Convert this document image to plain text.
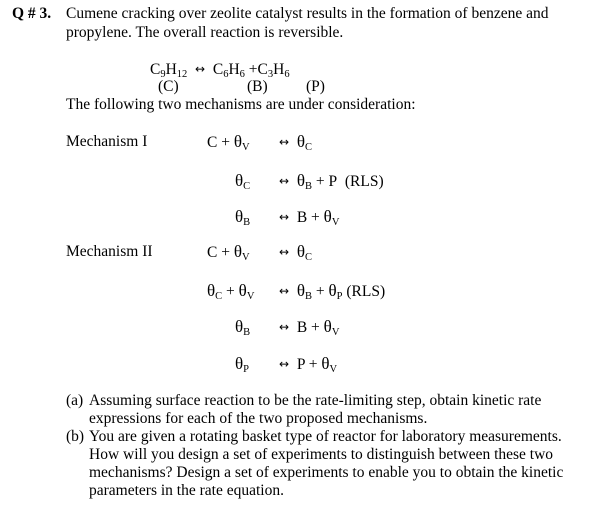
Q # 3. Cumene cracking over zeolite catalyst results in the formation of benzene and
propylene. The overall reaction is reversible.
$C_9H_{12}$ ↔ $C_6H_6 +C_3H_6$
(C)	(B) (P)
The following two mechanisms are under consideration:
Mechanism I	$C + \theta_V$ ↔ $\theta_C$
$\theta_C$ ↔ $\theta_B + P$  (RLS)
$\theta_B$ ↔  $B + \theta_V$
Mechanism II	$C + \theta_V$ ↔ $\theta_C$
$\theta_C + \theta_V$ ↔ $\theta_B + \theta_P$ (RLS)
$\theta_B$ ↔  $B + \theta_V$
$\theta_P$	↔  $P + \theta_V$
(a) Assuming surface reaction to be the rate-limiting step, obtain kinetic rate expressions for each of the two proposed mechanisms.
(b) You are given a rotating basket type of reactor for laboratory measurements. How will you design a set of experiments to distinguish between these two mechanisms? Design a set of experiments to enable you to obtain the kinetic parameters in the rate equation.
